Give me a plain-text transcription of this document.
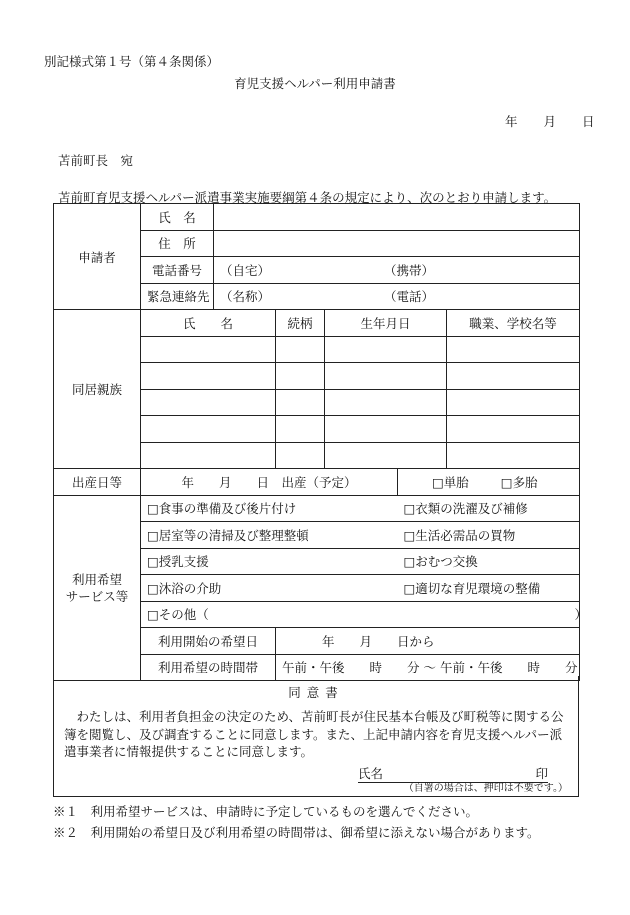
別記様式第１号（第４条関係）
育児支援ヘルパー利用申請書
年 月 日
苫前町長　宛
苫前町育児支援ヘルパー派遣事業実施要綱第４条の規定により、次のとおり申請します。
申請者	氏　名					
	住　所					
	電話番号	（自宅） （携帯）				
	緊急連絡先	（名称） （電話）				
同居親族	氏　　名		続柄	生年月日		職業、学校名等

出産日等	年　　月　　日　出産（予定）				□単胎 □多胎	

利用希望
サービス等	□食事の準備及び後片付け				□衣類の洗濯及び補修	
	□居室等の清掃及び整理整頓				□生活必需品の買物	
	□授乳支援				□おむつ交換	
	□沐浴の介助				□適切な育児環境の整備	
	□その他（ ）					

	利用開始の希望日		年　　月　　日から			
	利用希望の時間帯		午前・午後　　時　　分 〜 午前・午後　　時　　分			
同意書
わたしは、利用者負担金の決定のため、苫前町長が住民基本台帳及び町税等に関する公簿を閲覧し、及び調査することに同意します。また、上記申請内容を育児支援ヘルパー派遣事業者に情報提供することに同意します。
氏名	印
（自署の場合は、押印は不要です。）
※１　利用希望サービスは、申請時に予定しているものを選んでください。
※２　利用開始の希望日及び利用希望の時間帯は、御希望に添えない場合があります。
